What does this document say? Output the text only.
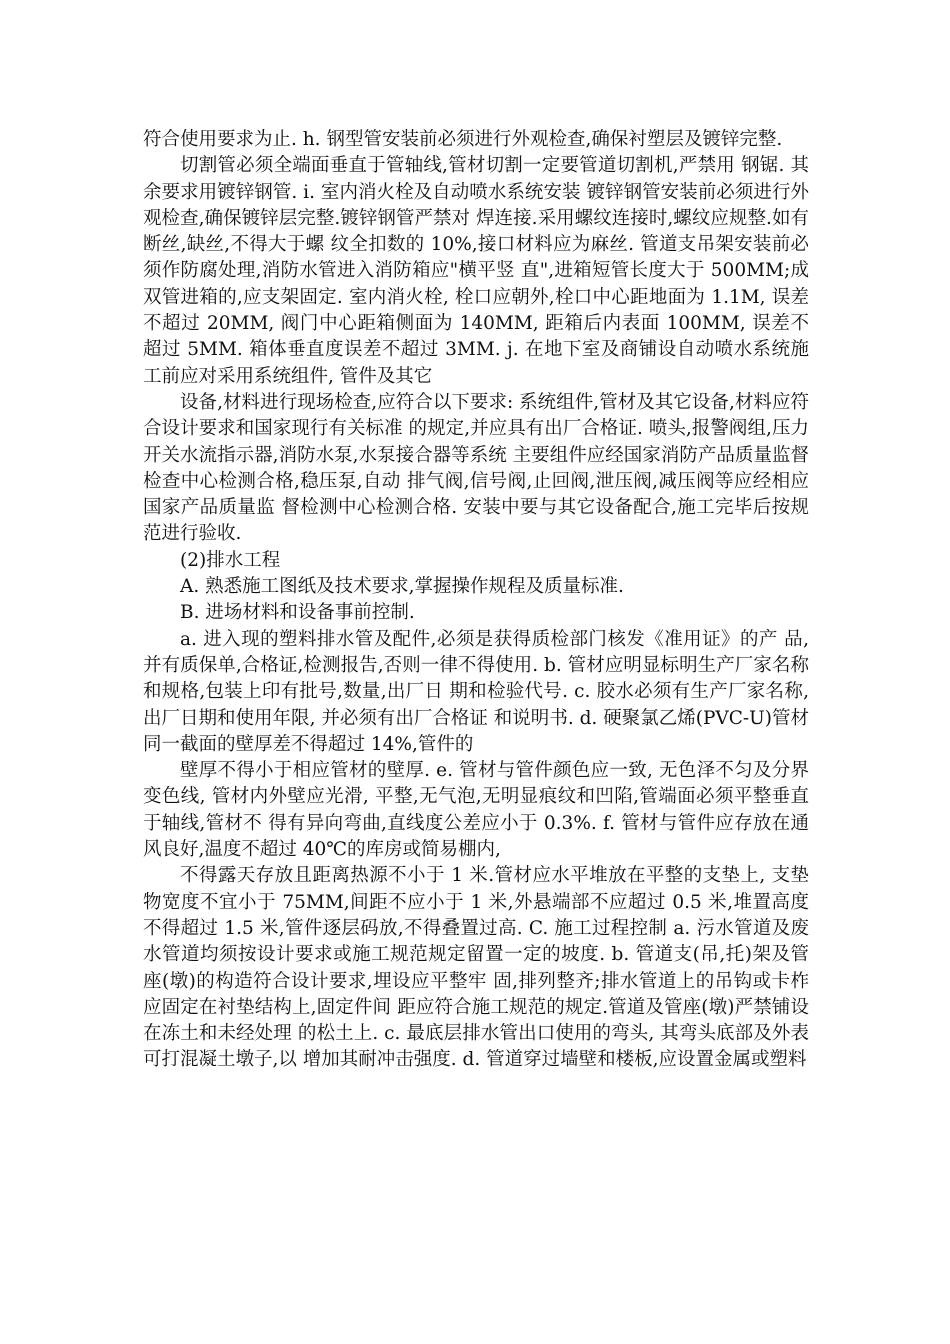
符合使用要求为止. h. 钢型管安装前必须进行外观检查,确保衬塑层及镀锌完整.

切割管必须全端面垂直于管轴线,管材切割一定要管道切割机,严禁用 钢锯. 其余要求用镀锌钢管. i. 室内消火栓及自动喷水系统安装 镀锌钢管安装前必须进行外观检查,确保镀锌层完整.镀锌钢管严禁对 焊连接.采用螺纹连接时,螺纹应规整.如有断丝,缺丝,不得大于螺 纹全扣数的 10%,接口材料应为麻丝. 管道支吊架安装前必须作防腐处理,消防水管进入消防箱应"横平竖 直",进箱短管长度大于 500MM;成双管进箱的,应支架固定. 室内消火栓, 栓口应朝外,栓口中心距地面为 1.1M, 误差不超过 20MM, 阀门中心距箱侧面为 140MM, 距箱后内表面 100MM, 误差不超过 5MM. 箱体垂直度误差不超过 3MM. j. 在地下室及商铺设自动喷水系统施工前应对采用系统组件, 管件及其它

设备,材料进行现场检查,应符合以下要求: 系统组件,管材及其它设备,材料应符合设计要求和国家现行有关标准 的规定,并应具有出厂合格证. 喷头,报警阀组,压力开关水流指示器,消防水泵,水泵接合器等系统 主要组件应经国家消防产品质量监督检查中心检测合格,稳压泵,自动 排气阀,信号阀,止回阀,泄压阀,减压阀等应经相应国家产品质量监 督检测中心检测合格. 安装中要与其它设备配合,施工完毕后按规范进行验收.

(2)排水工程

A. 熟悉施工图纸及技术要求,掌握操作规程及质量标准.

B. 进场材料和设备事前控制.

a. 进入现的塑料排水管及配件,必须是获得质检部门核发《准用证》的产 品,并有质保单,合格证,检测报告,否则一律不得使用. b. 管材应明显标明生产厂家名称和规格,包装上印有批号,数量,出厂日 期和检验代号. c. 胶水必须有生产厂家名称, 出厂日期和使用年限, 并必须有出厂合格证 和说明书. d. 硬聚氯乙烯(PVC-U)管材同一截面的壁厚差不得超过 14%,管件的

壁厚不得小于相应管材的壁厚. e. 管材与管件颜色应一致, 无色泽不匀及分界变色线, 管材内外壁应光滑, 平整,无气泡,无明显痕纹和凹陷,管端面必须平整垂直于轴线,管材不 得有异向弯曲,直线度公差应小于 0.3%. f. 管材与管件应存放在通风良好,温度不超过 40℃的库房或简易棚内,

不得露天存放且距离热源不小于 1 米.管材应水平堆放在平整的支垫上, 支垫物宽度不宜小于 75MM,间距不应小于 1 米,外悬端部不应超过 0.5 米,堆置高度不得超过 1.5 米,管件逐层码放,不得叠置过高. C. 施工过程控制 a. 污水管道及废水管道均须按设计要求或施工规范规定留置一定的坡度. b. 管道支(吊,托)架及管座(墩)的构造符合设计要求,埋设应平整牢 固,排列整齐;排水管道上的吊钩或卡柞应固定在衬垫结构上,固定件间 距应符合施工规范的规定.管道及管座(墩)严禁铺设在冻土和未经处理 的松土上. c. 最底层排水管出口使用的弯头, 其弯头底部及外表可打混凝土墩子,以 增加其耐冲击强度. d. 管道穿过墙壁和楼板,应设置金属或塑料
